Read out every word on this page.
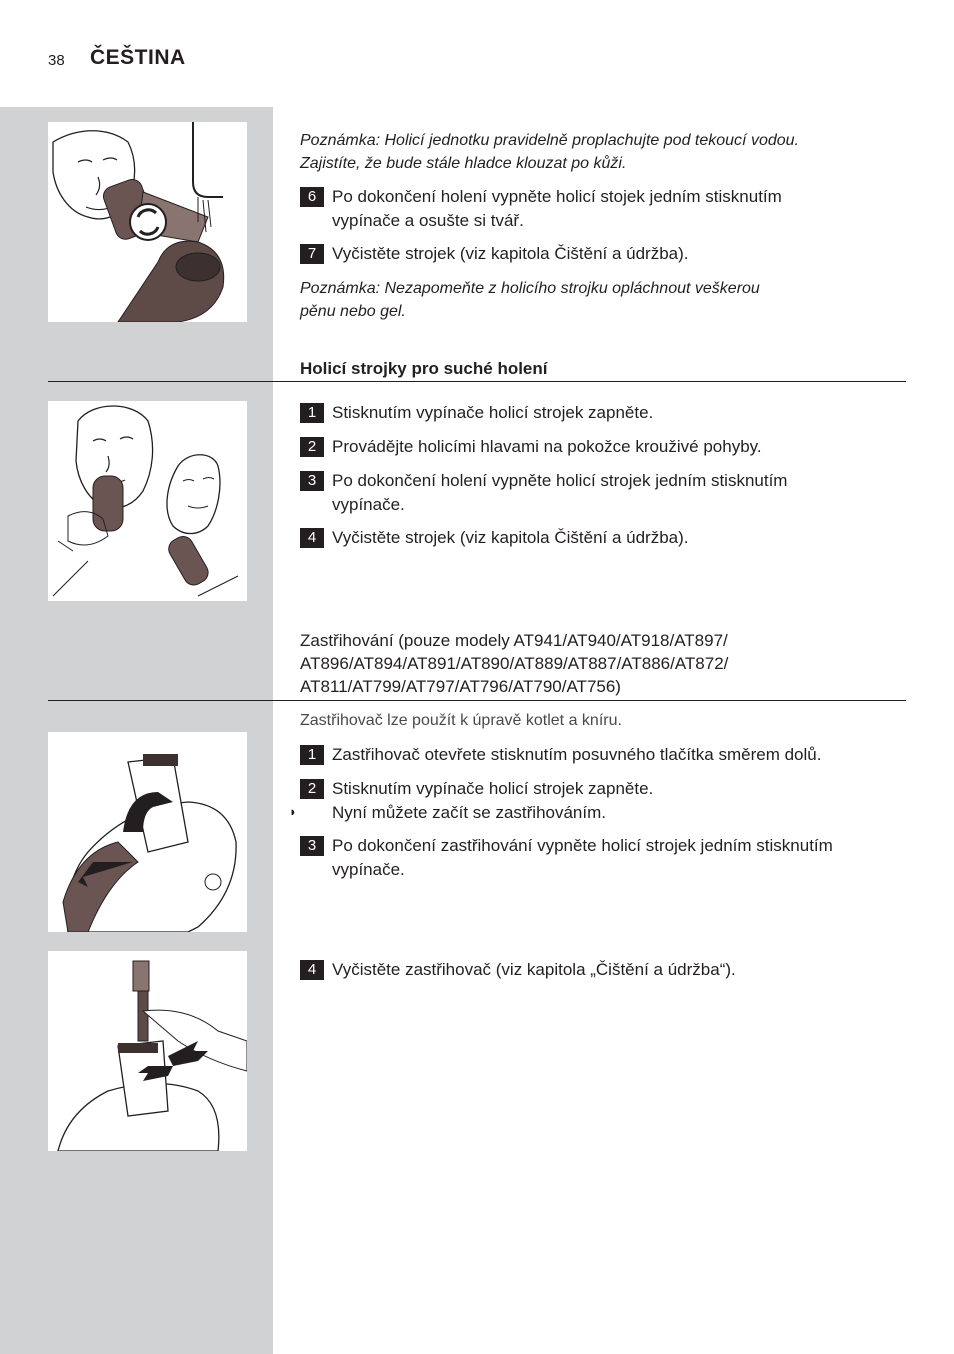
38 ČEŠTINA
Poznámka: Holicí jednotku pravidelně proplachujte pod tekoucí vodou.
Zajistíte, že bude stále hladce klouzat po kůži.
6 Po dokončení holení vypněte holicí stojek jedním stisknutím
vypínače a osušte si tvář.
7 Vyčistěte strojek (viz kapitola Čištění a údržba).
Poznámka: Nezapomeňte z holicího strojku opláchnout veškerou
pěnu nebo gel.
Holicí strojky pro suché holení
1 Stisknutím vypínače holicí strojek zapněte.
2 Provádějte holicími hlavami na pokožce krouživé pohyby.
3 Po dokončení holení vypněte holicí strojek jedním stisknutím
vypínače.
4 Vyčistěte strojek (viz kapitola Čištění a údržba).
Zastřihování (pouze modely AT941/AT940/AT918/AT897/
AT896/AT894/AT891/AT890/AT889/AT887/AT886/AT872/
AT811/AT799/AT797/AT796/AT790/AT756)
Zastřihovač lze použít k úpravě kotlet a kníru.
1 Zastřihovač otevřete stisknutím posuvného tlačítka směrem dolů.
2 Stisknutím vypínače holicí strojek zapněte.
Nyní můžete začít se zastřihováním.
◗
3 Po dokončení zastřihování vypněte holicí strojek jedním stisknutím
vypínače.
4 Vyčistěte zastřihovač (viz kapitola „Čištění a údržba“).
